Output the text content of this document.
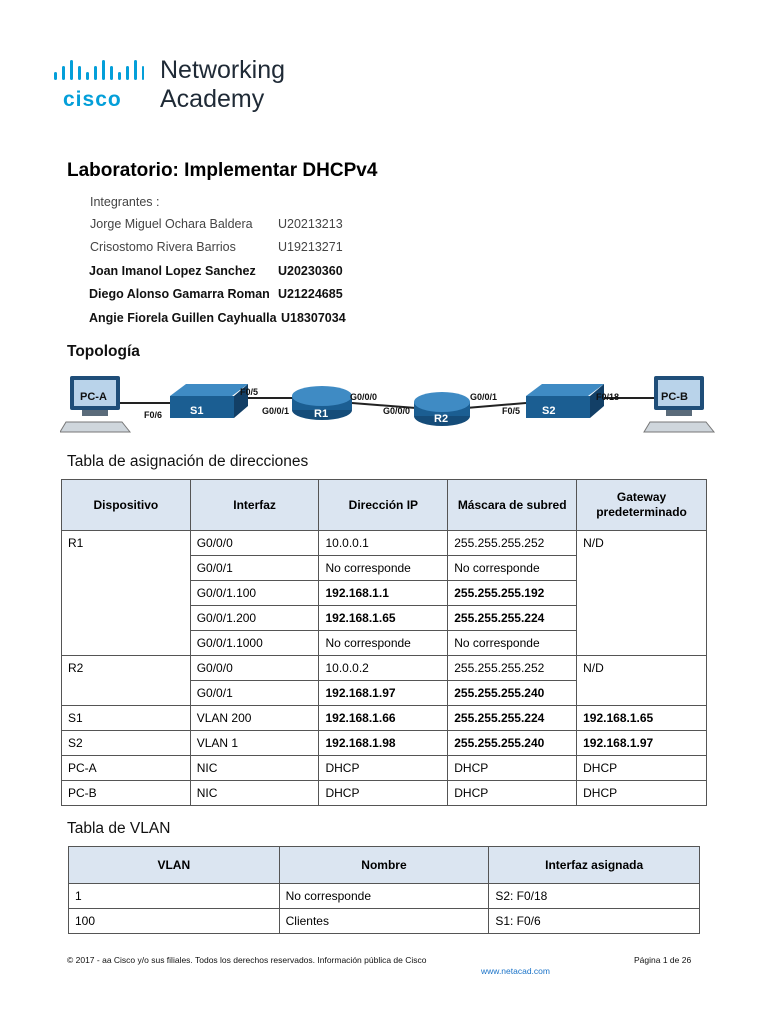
cisco
Networking
Academy
Laboratorio: Implementar DHCPv4
Integrantes :
Jorge Miguel Ochara Baldera U20213213
Crisostomo Rivera Barrios	U19213271
Joan Imanol Lopez Sanchez U20230360
Diego Alonso Gamarra Roman U21224685
Angie Fiorela Guillen Cayhualla U18307034
Topología
PC-A
S1	R1	R2
S2
PC-B
F0/6
F0/5
G0/0/1
G0/0/0
G0/0/0
G0/0/1
F0/5
F0/18
Tabla de asignación de direcciones
Dispositivo	Interfaz	Dirección IP	Máscara de subred	Gateway predeterminado
R1	G0/0/0	10.0.0.1	255.255.255.252	N/D
	G0/0/1	No corresponde	No corresponde	
	G0/0/1.100	192.168.1.1	255.255.255.192	
	G0/0/1.200	192.168.1.65	255.255.255.224	
	G0/0/1.1000	No corresponde	No corresponde	
R2	G0/0/0	10.0.0.2	255.255.255.252	N/D
	G0/0/1	192.168.1.97	255.255.255.240	
S1	VLAN 200	192.168.1.66	255.255.255.224	192.168.1.65
S2	VLAN 1	192.168.1.98	255.255.255.240	192.168.1.97
PC-A	NIC	DHCP	DHCP	DHCP
PC-B	NIC	DHCP	DHCP	DHCP
Tabla de VLAN
VLAN	Nombre	Interfaz asignada
1	No corresponde	S2: F0/18
100	Clientes	S1: F0/6
© 2017 - aa Cisco y/o sus filiales. Todos los derechos reservados. Información pública de Cisco	Página 1 de 26
www.netacad.com
